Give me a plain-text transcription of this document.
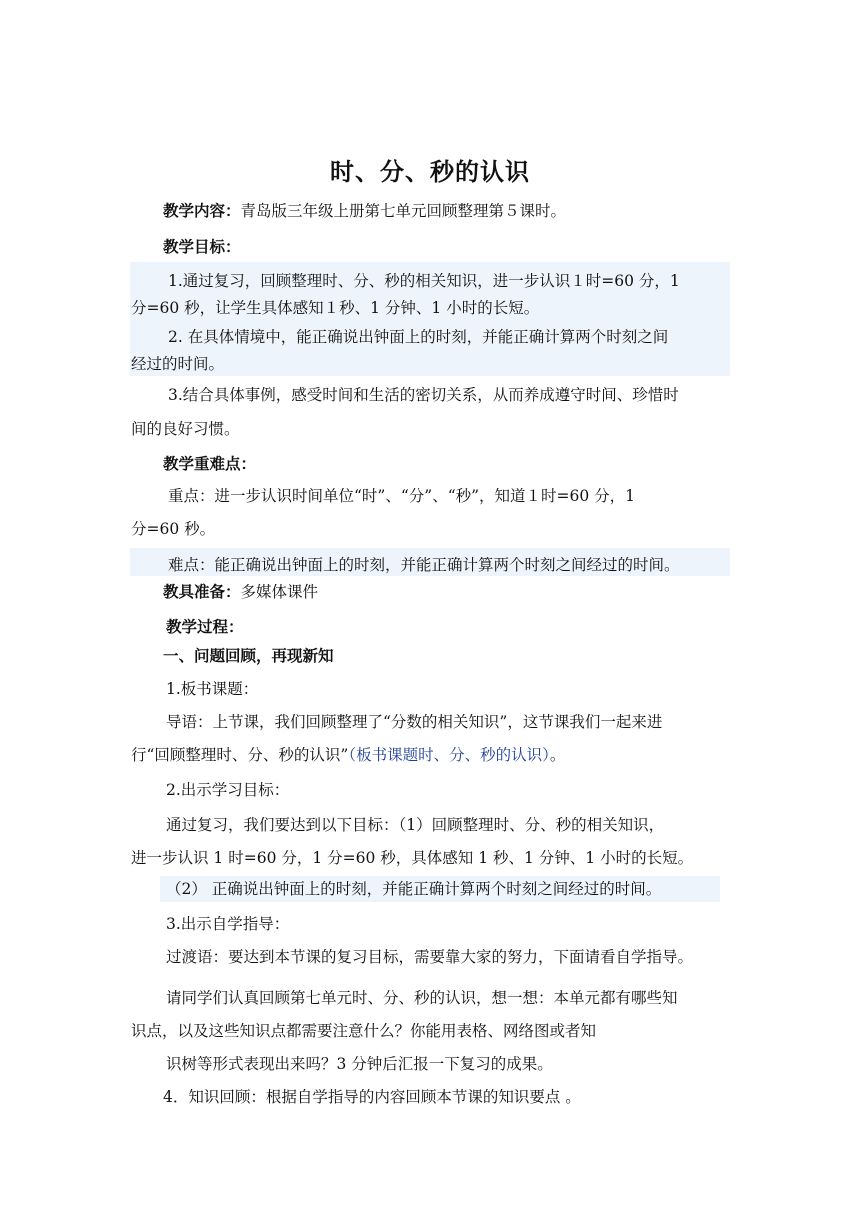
时、分、秒的认识
教学内容：青岛版三年级上册第七单元回顾整理第５课时。
教学目标：
1.通过复习，回顾整理时、分、秒的相关知识，进一步认识１时=60 分，1
分=60 秒，让学生具体感知１秒、1 分钟、1 小时的长短。
2. 在具体情境中，能正确说出钟面上的时刻，并能正确计算两个时刻之间
经过的时间。
3.结合具体事例，感受时间和生活的密切关系，从而养成遵守时间、珍惜时
间的良好习惯。
教学重难点：
重点：进一步认识时间单位“时”、“分”、“秒”，知道１时=60 分，1
分=60 秒。
难点：能正确说出钟面上的时刻，并能正确计算两个时刻之间经过的时间。
教具准备：多媒体课件
教学过程：
一、问题回顾，再现新知
1.板书课题：
导语：上节课，我们回顾整理了“分数的相关知识”，这节课我们一起来进
行“回顾整理时、分、秒的认识”（板书课题时、分、秒的认识）。
2.出示学习目标：
通过复习，我们要达到以下目标：（1）回顾整理时、分、秒的相关知识，
进一步认识 1 时=60 分，1 分=60 秒，具体感知 1 秒、1 分钟、1 小时的长短。
（2） 正确说出钟面上的时刻，并能正确计算两个时刻之间经过的时间。
3.出示自学指导：
过渡语：要达到本节课的复习目标，需要靠大家的努力，下面请看自学指导。
请同学们认真回顾第七单元时、分、秒的认识，想一想：本单元都有哪些知
识点，以及这些知识点都需要注意什么？你能用表格、网络图或者知
识树等形式表现出来吗？3 分钟后汇报一下复习的成果。
4．知识回顾：根据自学指导的内容回顾本节课的知识要点 。
